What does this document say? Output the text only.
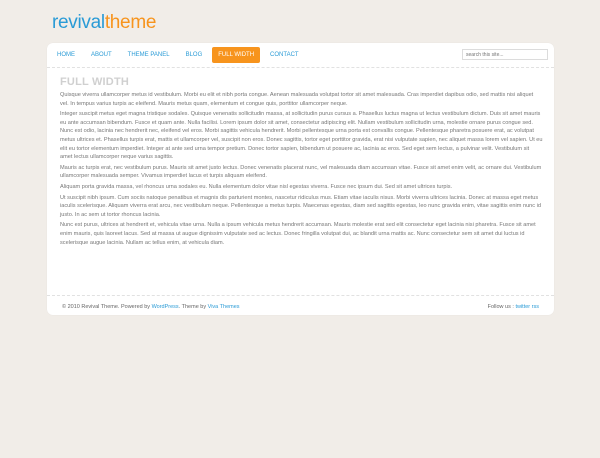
revivaltheme
HOME	ABOUT	THEME PANEL	BLOG	FULL WIDTH	CONTACT
search this site...
FULL WIDTH

Quisque viverra ullamcorper metus id vestibulum. Morbi eu elit et nibh porta congue. Aenean malesuada volutpat tortor sit amet malesuada. Cras imperdiet dapibus odio, sed mattis nisi aliquet vel. In tempus varius turpis ac eleifend. Mauris metus quam, elementum et congue quis, porttitor ullamcorper neque.

Integer suscipit metus eget magna tristique sodales. Quisque venenatis sollicitudin massa, at sollicitudin purus cursus a. Phasellus luctus magna ut lectus vestibulum dictum. Duis sit amet mauris eu ante accumsan bibendum. Fusce et quam ante. Nulla facilisi. Lorem ipsum dolor sit amet, consectetur adipiscing elit. Nullam vestibulum sollicitudin urna, molestie ornare purus congue sed. Nunc est odio, lacinia nec hendrerit nec, eleifend vel eros. Morbi sagittis vehicula hendrerit. Morbi pellentesque urna porta est convallis congue. Pellentesque pharetra posuere erat, ac volutpat metus ultrices et. Phasellus turpis erat, mattis et ullamcorper vel, suscipit non eros. Donec sagittis, tortor eget porttitor gravida, erat nisi vulputate sapien, nec aliquet massa lorem vel sapien. Ut eu elit eu tortor elementum imperdiet. Integer at ante sed urna tempor pretium. Donec tortor sapien, bibendum ut posuere ac, lacinia ac eros. Sed eget sem lectus, a pulvinar velit. Vestibulum sit amet lectus ullamcorper neque varius sagittis.

Mauris ac turpis erat, nec vestibulum purus. Mauris sit amet justo lectus. Donec venenatis placerat nunc, vel malesuada diam accumsan vitae. Fusce sit amet enim velit, ac ornare dui. Vestibulum ullamcorper malesuada semper. Vivamus imperdiet lacus et turpis aliquam eleifend.

Aliquam porta gravida massa, vel rhoncus urna sodales eu. Nulla elementum dolor vitae nisl egestas viverra. Fusce nec ipsum dui. Sed sit amet ultrices turpis.

Ut suscipit nibh ipsum. Cum sociis natoque penatibus et magnis dis parturient montes, nascetur ridiculus mus. Etiam vitae iaculis nisus. Morbi viverra ultrices lacinia. Donec at massa eget metus iaculis scelerisque. Aliquam viverra erat arcu, nec vestibulum neque. Pellentesque a metus turpis. Maecenas egestas, diam sed sagittis egestas, leo nunc gravida enim, vitae sagittis enim nunc id justo. In ac sem ut tortor rhoncus lacinia.

Nunc est purus, ultrices at hendrerit et, vehicula vitae urna. Nulla a ipsum vehicula metus hendrerit accumsan. Mauris molestie erat sed elit consectetur eget lacinia nisi pharetra. Fusce sit amet enim mauris, quis laoreet lacus. Sed at massa ut augue dignissim vulputate sed ac lectus. Donec fringilla volutpat dui, ac blandit urna mattis ac. Nunc consectetur sem sit amet dui luctus id scelerisque augue lacinia. Nullam ac tellus enim, at vehicula diam.

© 2010 Revival Theme. Powered by WordPress. Theme by Viva Themes	Follow us : twitter rss
